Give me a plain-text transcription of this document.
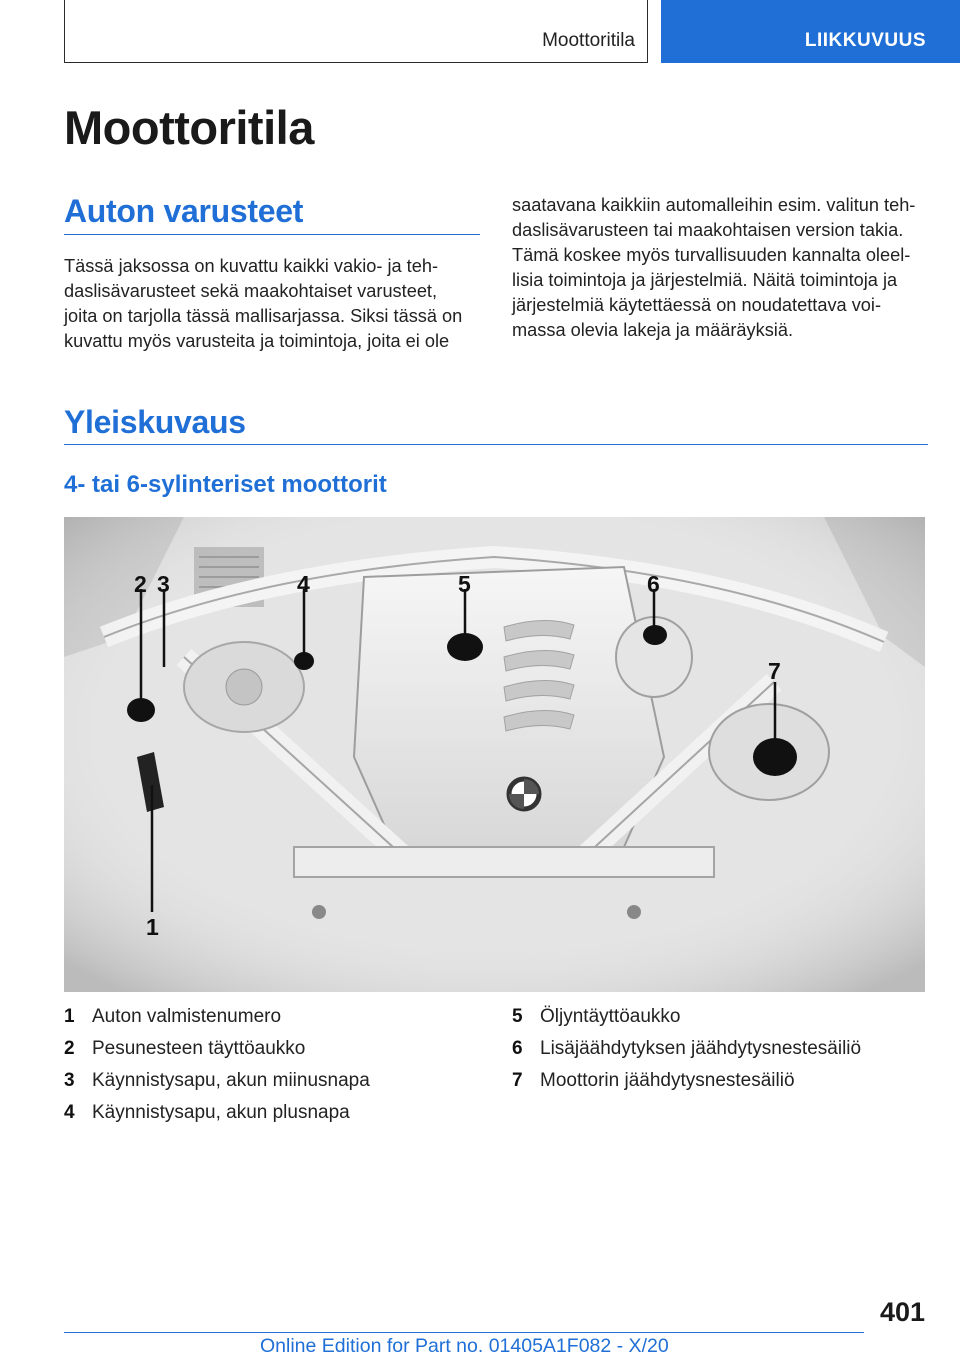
Moottoritila	LIIKKUVUUS
Moottoritila
Auton varusteet
Tässä jaksossa on kuvattu kaikki vakio- ja teh-
daslisävarusteet sekä maakohtaiset varusteet,
joita on tarjolla tässä mallisarjassa. Siksi tässä on
kuvattu myös varusteita ja toimintoja, joita ei ole
saatavana kaikkiin automalleihin esim. valitun teh-
daslisävarusteen tai maakohtaisen version takia.
Tämä koskee myös turvallisuuden kannalta oleel-
lisia toimintoja ja järjestelmiä. Näitä toimintoja ja
järjestelmiä käytettäessä on noudatettava voi-
massa olevia lakeja ja määräyksiä.
Yleiskuvaus
4- tai 6-sylinteriset moottorit
2 3	4	5	6
7
1
1 Auton valmistenumero
2 Pesunesteen täyttöaukko
3 Käynnistysapu, akun miinusnapa
4 Käynnistysapu, akun plusnapa
5 Öljyntäyttöaukko
6 Lisäjäähdytyksen jäähdytysnestesäiliö
7 Moottorin jäähdytysnestesäiliö
401
Online Edition for Part no. 01405A1F082 - X/20
